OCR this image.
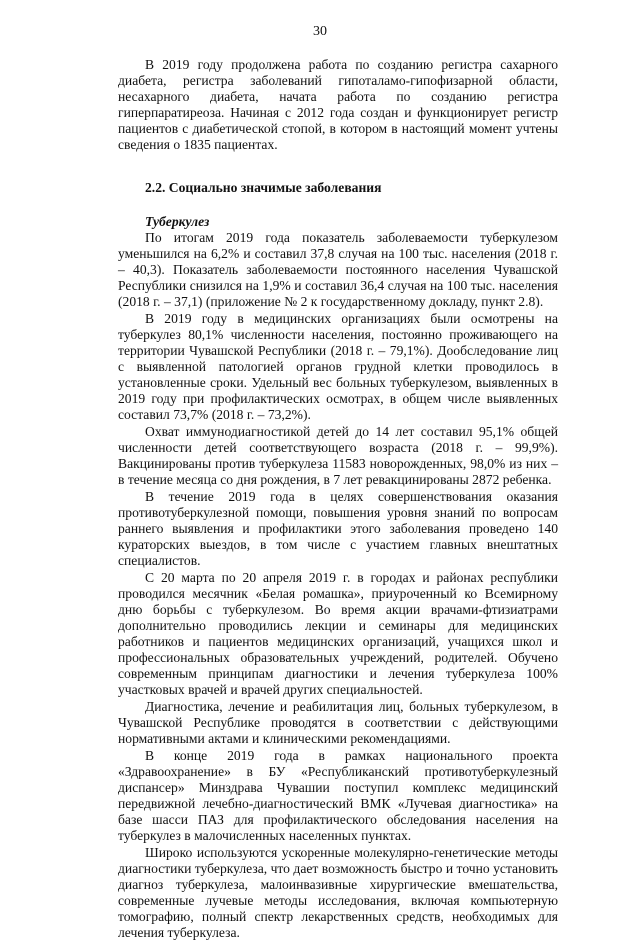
30

В 2019 году продолжена работа по созданию регистра сахарного диабета, регистра заболеваний гипоталамо-гипофизарной области, несахарного диабета, начата работа по созданию регистра гиперпаратиреоза. Начиная с 2012 года создан и функционирует регистр пациентов с диабетической стопой, в котором в настоящий момент учтены сведения о 1835 пациентах.

2.2. Социально значимые заболевания
Туберкулез

По итогам 2019 года показатель заболеваемости туберкулезом уменьшился на 6,2% и составил 37,8 случая на 100 тыс. населения (2018 г. – 40,3). Показатель заболеваемости постоянного населения Чувашской Республики снизился на 1,9% и составил 36,4 случая на 100 тыс. населения (2018 г. – 37,1) (приложение № 2 к государственному докладу, пункт 2.8).

В 2019 году в медицинских организациях были осмотрены на туберкулез 80,1% численности населения, постоянно проживающего на территории Чувашской Республики (2018 г. – 79,1%). Дообследование лиц с выявленной патологией органов грудной клетки проводилось в установленные сроки. Удельный вес больных туберкулезом, выявленных в 2019 году при профилактических осмотрах, в общем числе выявленных составил 73,7% (2018 г. – 73,2%).

Охват иммунодиагностикой детей до 14 лет составил 95,1% общей численности детей соответствующего возраста (2018 г. – 99,9%). Вакцинированы против туберкулеза 11583 новорожденных, 98,0% из них – в течение месяца со дня рождения, в 7 лет ревакцинированы 2872 ребенка.

В течение 2019 года в целях совершенствования оказания противотуберкулезной помощи, повышения уровня знаний по вопросам раннего выявления и профилактики этого заболевания проведено 140 кураторских выездов, в том числе с участием главных внештатных специалистов.

С 20 марта по 20 апреля 2019 г. в городах и районах республики проводился месячник «Белая ромашка», приуроченный ко Всемирному дню борьбы с туберкулезом. Во время акции врачами-фтизиатрами дополнительно проводились лекции и семинары для медицинских работников и пациентов медицинских организаций, учащихся школ и профессиональных образовательных учреждений, родителей. Обучено современным принципам диагностики и лечения туберкулеза 100% участковых врачей и врачей других специальностей.

Диагностика, лечение и реабилитация лиц, больных туберкулезом, в Чувашской Республике проводятся в соответствии с действующими нормативными актами и клиническими рекомендациями.

В конце 2019 года в рамках национального проекта «Здравоохранение» в БУ «Республиканский противотуберкулезный диспансер» Минздрава Чувашии поступил комплекс медицинский передвижной лечебно-диагностический ВМК «Лучевая диагностика» на базе шасси ПАЗ для профилактического обследования населения на туберкулез в малочисленных населенных пунктах.

Широко используются ускоренные молекулярно-генетические методы диагностики туберкулеза, что дает возможность быстро и точно установить диагноз туберкулеза, малоинвазивные хирургические вмешательства, современные лучевые методы исследования, включая компьютерную томографию, полный спектр лекарственных средств, необходимых для лечения туберкулеза.
